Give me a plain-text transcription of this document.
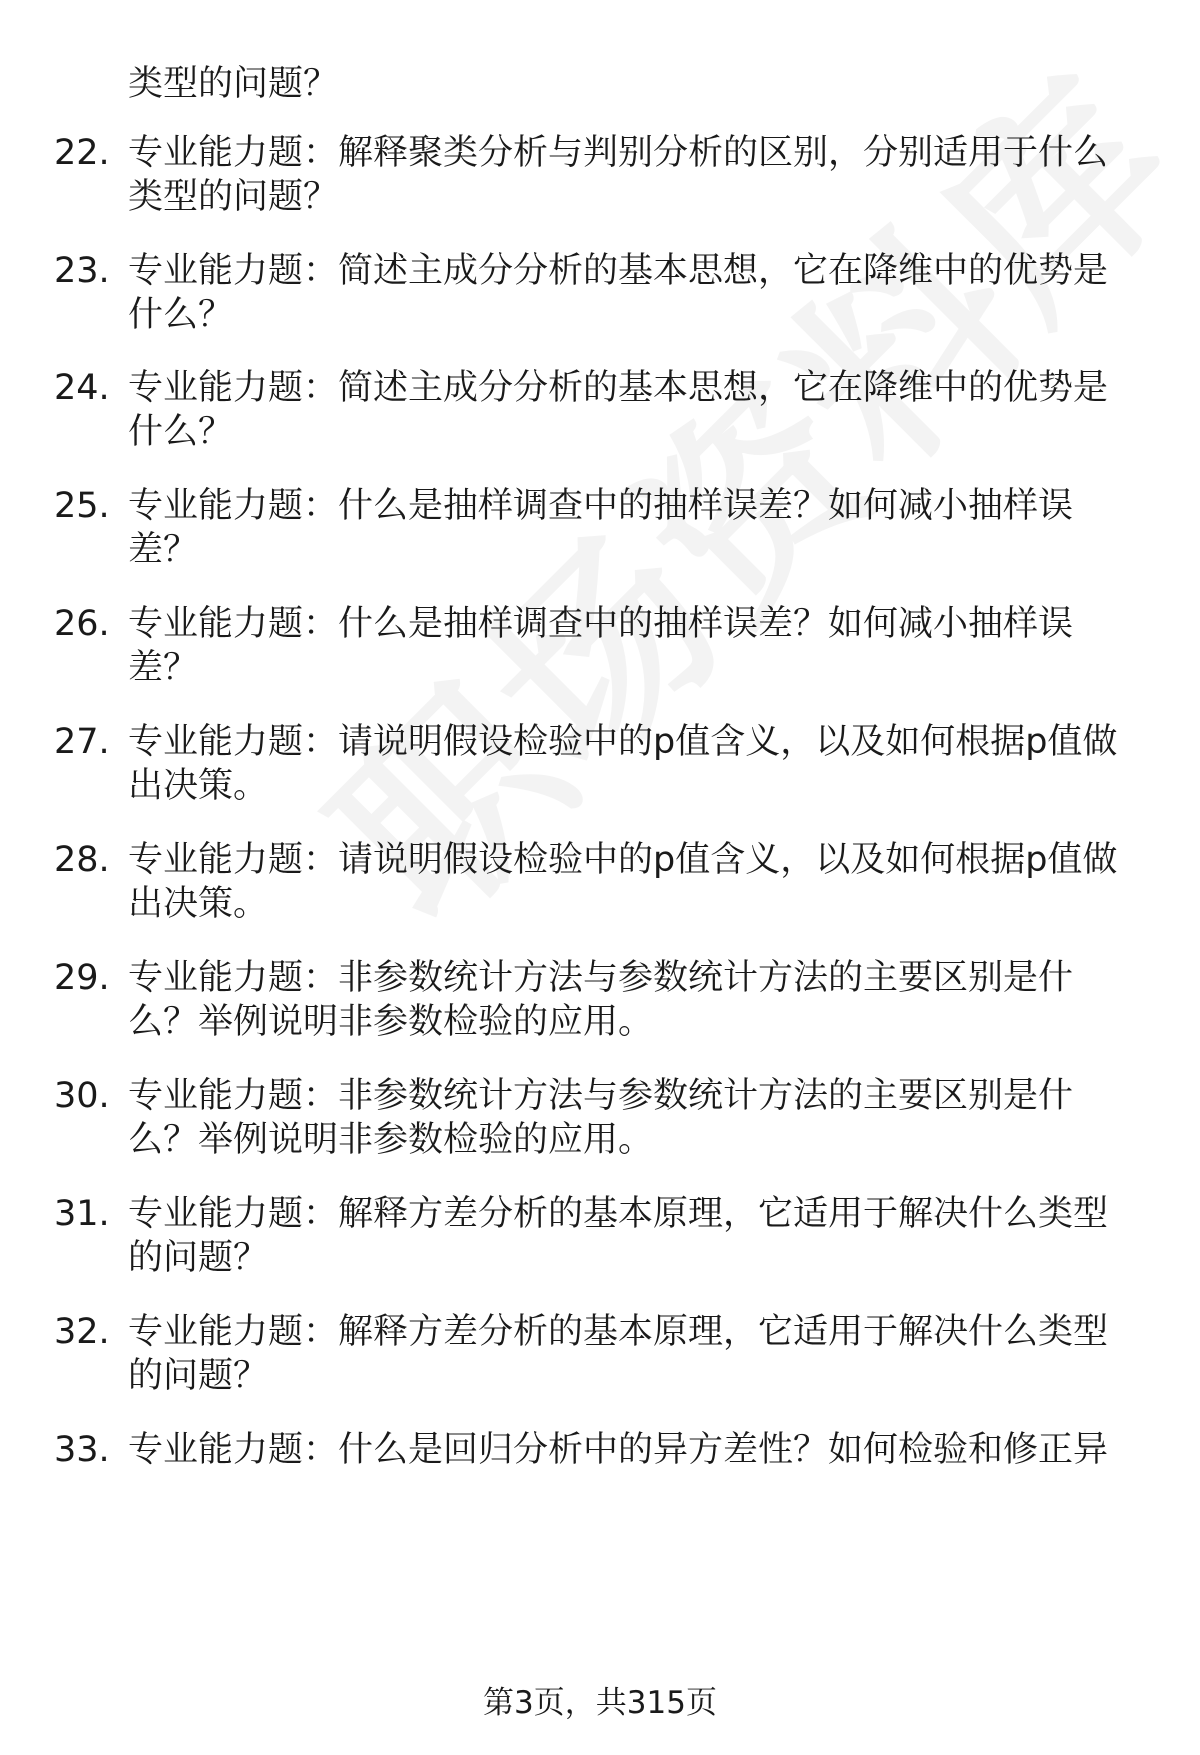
类型的问题？
22. 专业能力题：解释聚类分析与判别分析的区别，分别适用于什么
类型的问题？
23. 专业能力题：简述主成分分析的基本思想，它在降维中的优势是
什么？
24. 专业能力题：简述主成分分析的基本思想，它在降维中的优势是
什么？
25. 专业能力题：什么是抽样调查中的抽样误差？如何减小抽样误
差？
26. 专业能力题：什么是抽样调查中的抽样误差？如何减小抽样误
差？
27. 专业能力题：请说明假设检验中的p值含义，以及如何根据p值做
出决策。
28. 专业能力题：请说明假设检验中的p值含义，以及如何根据p值做
出决策。
29. 专业能力题：非参数统计方法与参数统计方法的主要区别是什
么？举例说明非参数检验的应用。
30. 专业能力题：非参数统计方法与参数统计方法的主要区别是什
么？举例说明非参数检验的应用。
31. 专业能力题：解释方差分析的基本原理，它适用于解决什么类型
的问题？
32. 专业能力题：解释方差分析的基本原理，它适用于解决什么类型
的问题？
33. 专业能力题：什么是回归分析中的异方差性？如何检验和修正异
第3页，共315页
